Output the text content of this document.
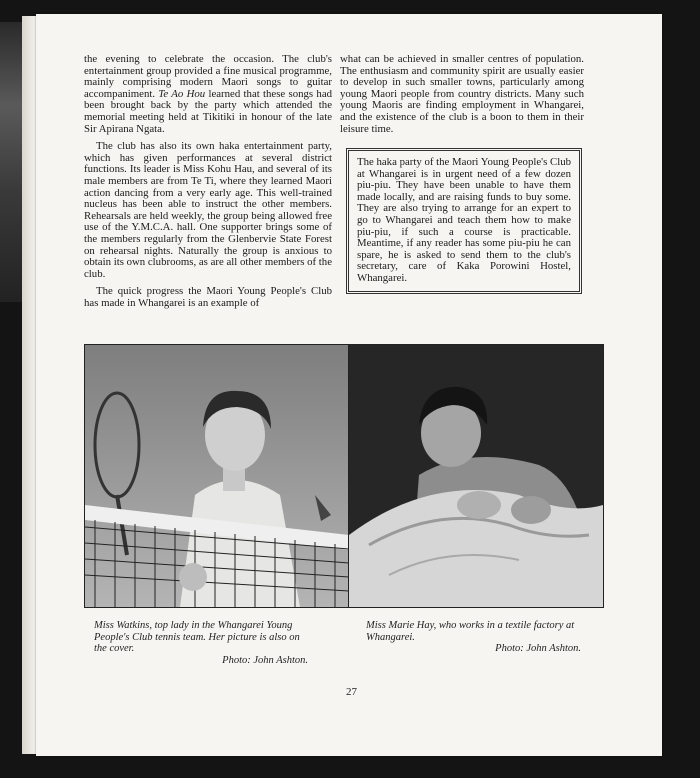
the evening to celebrate the occasion. The club's entertainment group provided a fine musical programme, mainly comprising modern Maori songs to guitar accompaniment. Te Ao Hou learned that these songs had been brought back by the party which attended the memorial meeting held at Tikitiki in honour of the late Sir Apirana Ngata.

The club has also its own haka entertainment party, which has given performances at several district functions. Its leader is Miss Kohu Hau, and several of its male members are from Te Ti, where they learned Maori action dancing from a very early age. This well-trained nucleus has been able to instruct the other members. Rehearsals are held weekly, the group being allowed free use of the Y.M.C.A. hall. One supporter brings some of the members regularly from the Glenbervie State Forest on rehearsal nights. Naturally the group is anxious to obtain its own clubrooms, as are all other members of the club.

The quick progress the Maori Young People's Club has made in Whangarei is an example of

what can be achieved in smaller centres of population. The enthusiasm and community spirit are usually easier to develop in such smaller towns, particularly among young Maori people from country districts. Many such young Maoris are finding employment in Whangarei, and the existence of the club is a boon to them in their leisure time.

The haka party of the Maori Young People's Club at Whangarei is in urgent need of a few dozen piu-piu. They have been unable to have them made locally, and are raising funds to buy some. They are also trying to arrange for an expert to go to Whangarei and teach them how to make piu-piu, if such a course is practicable. Meantime, if any reader has some piu-piu he can spare, he is asked to send them to the club's secretary, care of Kaka Porowini Hostel, Whangarei.
Miss Watkins, top lady in the Whangarei Young People's Club tennis team. Her picture is also on the cover.
Photo: John Ashton.
Miss Marie Hay, who works in a textile factory at Whangarei.
Photo: John Ashton.
27
